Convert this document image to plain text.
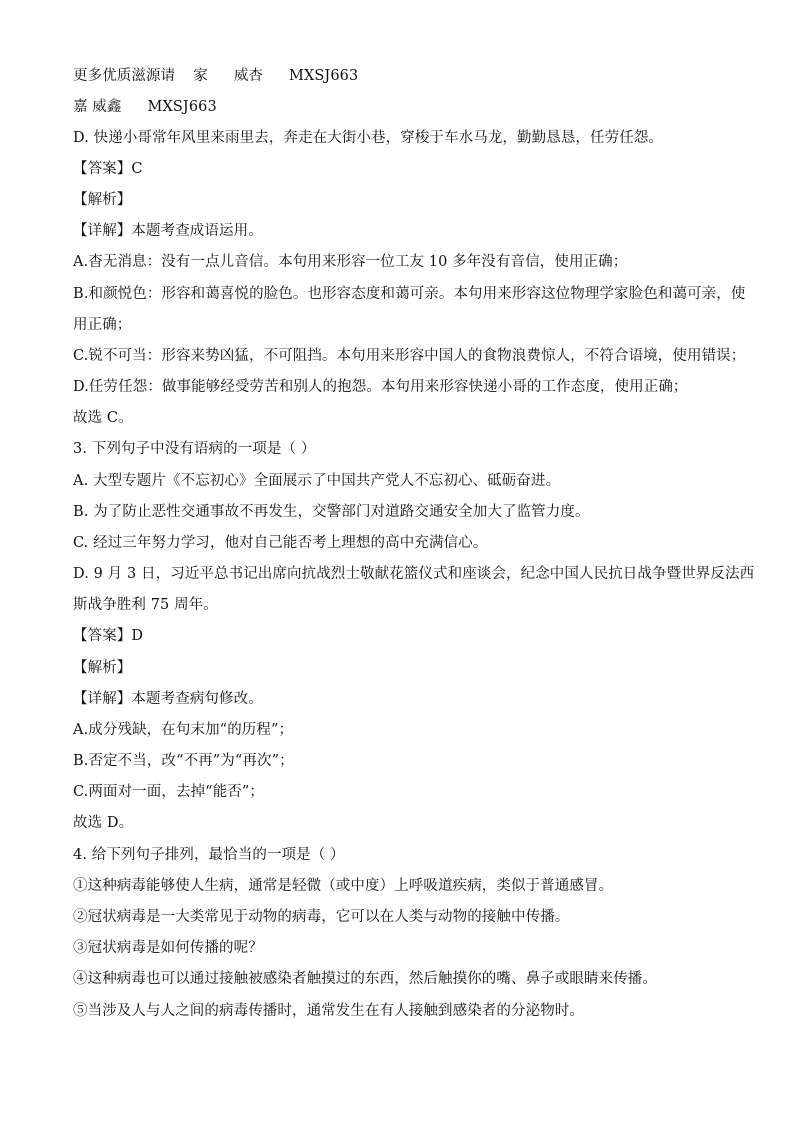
更多优质滋源请 家 威杏 MXSJ663
嘉 威鑫 MXSJ663
D. 快递小哥常年风里来雨里去，奔走在大街小巷，穿梭于车水马龙，勤勤恳恳，任劳任怨。
【答案】C
【解析】
【详解】本题考查成语运用。
A.杳无消息：没有一点儿音信。本句用来形容一位工友 10 多年没有音信，使用正确；
B.和颜悦色：形容和蔼喜悦的脸色。也形容态度和蔼可亲。本句用来形容这位物理学家脸色和蔼可亲，使
用正确；
C.锐不可当：形容来势凶猛，不可阻挡。本句用来形容中国人的食物浪费惊人，不符合语境，使用错误；
D.任劳任怨：做事能够经受劳苦和别人的抱怨。本句用来形容快递小哥的工作态度，使用正确；
故选 C。
3. 下列句子中没有语病的一项是（ ）
A. 大型专题片《不忘初心》全面展示了中国共产党人不忘初心、砥砺奋进。
B. 为了防止恶性交通事故不再发生，交警部门对道路交通安全加大了监管力度。
C. 经过三年努力学习，他对自己能否考上理想的高中充满信心。
D. 9 月 3 日，习近平总书记出席向抗战烈士敬献花篮仪式和座谈会，纪念中国人民抗日战争暨世界反法西
斯战争胜利 75 周年。
【答案】D
【解析】
【详解】本题考查病句修改。
A.成分残缺，在句末加“的历程”；
B.否定不当，改“不再”为“再次”；
C.两面对一面，去掉“能否”；
故选 D。
4. 给下列句子排列，最恰当的一项是（ ）
①这种病毒能够使人生病，通常是轻微（或中度）上呼吸道疾病，类似于普通感冒。
②冠状病毒是一大类常见于动物的病毒，它可以在人类与动物的接触中传播。
③冠状病毒是如何传播的呢？
④这种病毒也可以通过接触被感染者触摸过的东西，然后触摸你的嘴、鼻子或眼睛来传播。
⑤当涉及人与人之间的病毒传播时，通常发生在有人接触到感染者的分泌物时。
